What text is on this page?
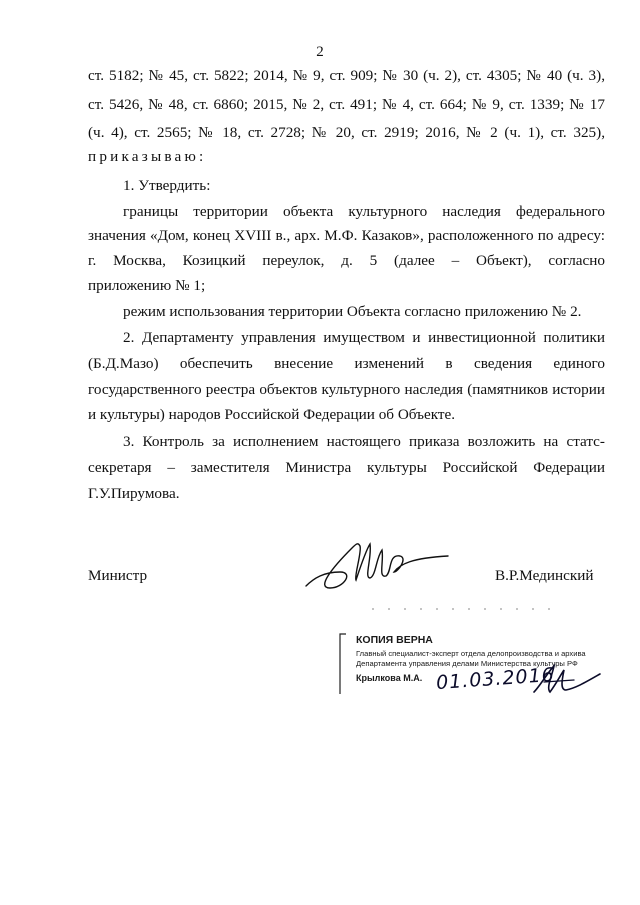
2
ст. 5182; № 45, ст. 5822; 2014, № 9, ст. 909; № 30 (ч. 2), ст. 4305; № 40 (ч. 3),
ст. 5426, № 48, ст. 6860; 2015, № 2, ст. 491; № 4, ст. 664; № 9, ст. 1339; № 17
(ч. 4), ст. 2565; № 18, ст. 2728; № 20, ст. 2919; 2016, № 2 (ч. 1), ст. 325),
приказываю:
1. Утвердить:
границы территории объекта культурного наследия федерального
значения «Дом, конец XVIII в., арх. М.Ф. Казаков», расположенного по адресу:
г. Москва, Козицкий переулок, д. 5 (далее – Объект), согласно
приложению № 1;
режим использования территории Объекта согласно приложению № 2.
2. Департаменту управления имуществом и инвестиционной политики
(Б.Д.Мазо) обеспечить внесение изменений в сведения единого
государственного реестра объектов культурного наследия (памятников истории
и культуры) народов Российской Федерации об Объекте.
3. Контроль за исполнением настоящего приказа возложить на статс-
секретаря – заместителя Министра культуры Российской Федерации
Г.У.Пирумова.
Министр	В.Р.Мединский
КОПИЯ ВЕРНА
Главный специалист-эксперт отдела делопроизводства и архива
Департамента управления делами Министерства культуры РФ
Крылкова М.А. 01.03.2016
